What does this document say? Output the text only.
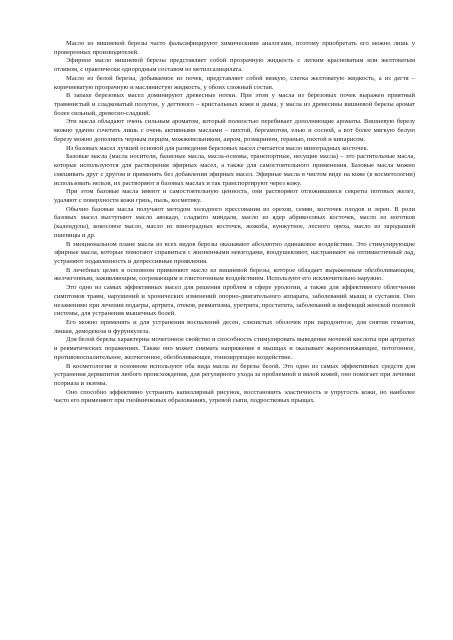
Масло из вишневой березы часто фальсифицируют химическими аналогами, поэтому приобретать его можно лишь у проверенных производителей.

Эфирное масло вишневой березы представляет собой прозрачную жидкость с легким красноватым или желтоватым отливом, с практически однородным составом из метилсалицилата.

Масло из белой березы, добываемое из почек, представляет собой вязкую, слегка желтоватую жидкость, а из дегтя – коричневатую прозрачную и маслянистую жидкость, у обоих сложный состав.

В запахе березовых масел доминируют древесные нотки. При этом у масла из березовых почек выражен приятный травянистый и сладковатый полутон, у дегтевого – кристальных кожи и дыма, у масла из древесины вишневой березы аромат более сильный, древесно-сладкий.

Эти масла обладают очень сильным ароматом, который полностью перебивает дополняющие ароматы. Вишневую березу можно удачно сочетать лишь с очень активными маслами – пихтой, бергамотом, елью и сосной, а вот более мягкую белую березу можно дополнить черным перцем, можжевельником, аиром, розмарином, геранью, пихтой и кипарисом.

Из базовых масел лучшей основой для разведения березовых масел считается масло виноградных косточек.

Базовые масла (масла носители, базисные масла, масла-основы, транспортные, несущие масла) – это растительные масла, которые используются для растворения эфирных масел, а также для самостоятельного применения. Базовые масла можно смешивать друг с другом и применять без добавления эфирных масел. Эфирные масла в чистом виде на коже (в косметологии) использовать нельзя, их растворяют в базовых маслах и так транспортируют через кожу.

При этом базовые масла имеют и самостоятельную ценность, они растворяют отложившиеся секреты потовых желез, удаляют с поверхности кожи грязь, пыль, косметику.

Обычно базовые масла получают методом холодного прессования из орехов, семян, косточек плодов и зерен. В роли базовых масел выступают масло авокадо, сладкого миндаля, масло из ядер абрикосовых косточек, масло из ноготков (календулы), кокосовое масло, масло из виноградных косточек, жожоба, кунжутное, лесного ореха, масло из зародышей пшеницы и др.

В эмоциональном плане масла из всех видов березы оказывают абсолютно одинаковое воздействие. Это стимулирующие эфирные масла, которые помогают справиться с жизненными невзгодами, воодушевляют, настраивают на оптимистичный лад, устраняют подавленность и депрессивные проявления.

В лечебных целях в основном применяют масло из вишневой березы, которое обладает выраженным обезболивающим, желчегонным, заживляющим, согревающим и глистогонным воздействием. Используют его исключительно наружно.

Это одно из самых эффективных масел для решения проблем в сфере урологии, а также для эффективного облегчения симптомов травм, нарушений и хронических изменений опорно-двигательного аппарата, заболеваний мышц и суставов. Оно незаменимо при лечении подагры, артрита, отеков, ревматизма, уретрита, простатита, заболеваний и инфекций женской половой системы, для устранения мышечных болей.

Его можно применять и для устранения воспалений десен, слизистых оболочек при пародонтозе, для снятия гематом, лишая, демодекоза и фурункулеза.

Для белой березы характерны мочегонное свойство и способность стимулировать выведение мочевой кислоты при артритах и ревматических поражениях. Также оно может снимать напряжение в мышцах и оказывает жаропонижающее, потогонное, противовоспалительное, желчегонное, обезболивающее, тонизирующее воздействие.

В косметологии в основном используют оба вида масла из березы белой. Это одно из самых эффективных средств для устранения дерматитов любого происхождения, для регулярного ухода за проблемной и вялой кожей, оно помогает при лечении псориаза и экземы.

Оно способно эффективно устранить капиллярный рисунок, восстановить эластичность и упругость кожи, но наиболее часто его применяют при гнойничковых образованиях, угревой сыпи, подростковых прыщах.
